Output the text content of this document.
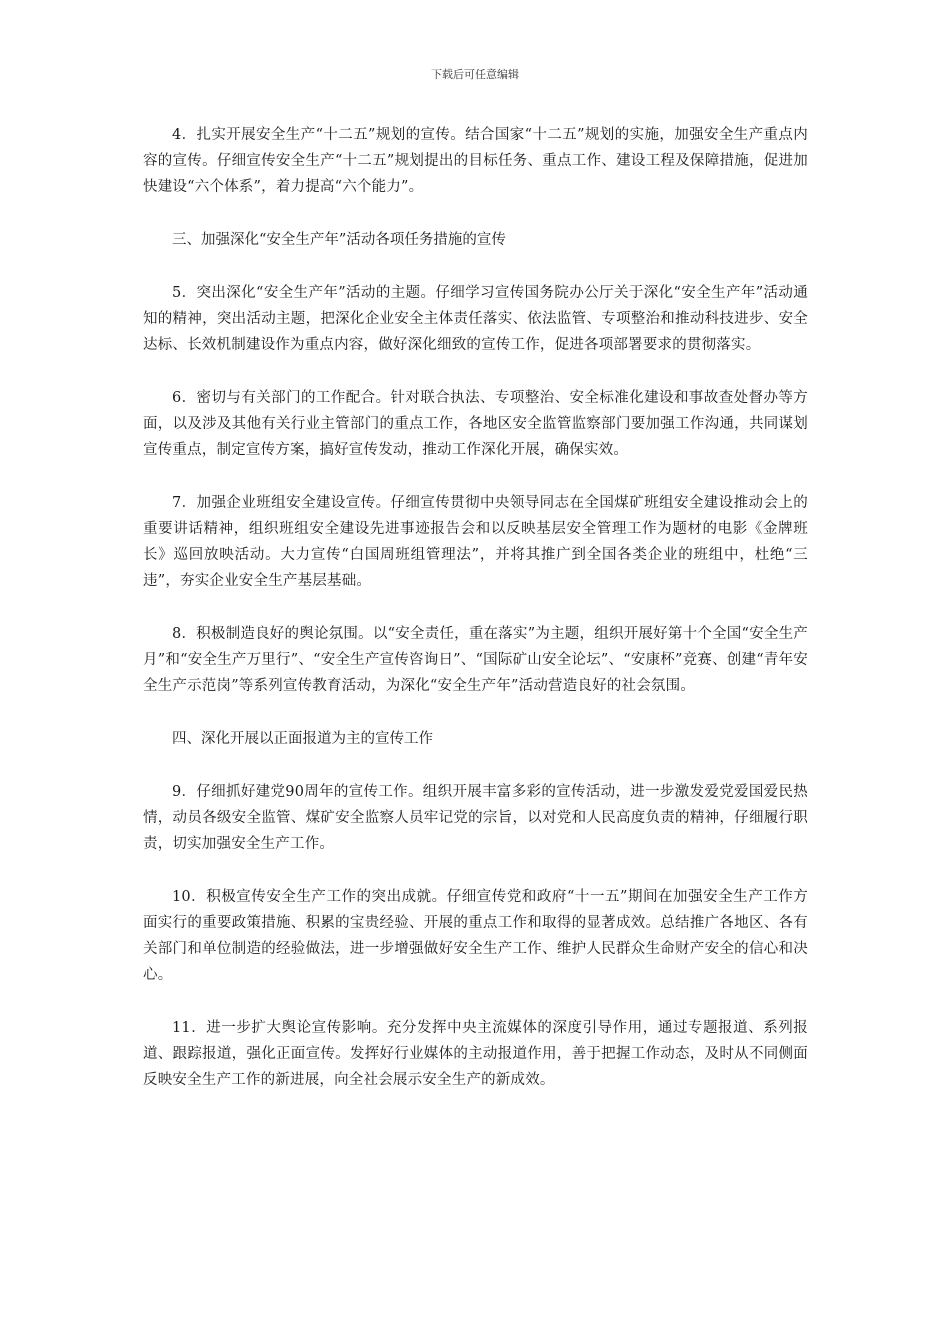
下载后可任意编辑

4．扎实开展安全生产“十二五”规划的宣传。结合国家“十二五”规划的实施，加强安全生产重点内容的宣传。仔细宣传安全生产“十二五”规划提出的目标任务、重点工作、建设工程及保障措施，促进加快建设“六个体系”，着力提高“六个能力”。

三、加强深化“安全生产年”活动各项任务措施的宣传

5．突出深化“安全生产年”活动的主题。仔细学习宣传国务院办公厅关于深化“安全生产年”活动通知的精神，突出活动主题，把深化企业安全主体责任落实、依法监管、专项整治和推动科技进步、安全达标、长效机制建设作为重点内容，做好深化细致的宣传工作，促进各项部署要求的贯彻落实。

6．密切与有关部门的工作配合。针对联合执法、专项整治、安全标准化建设和事故查处督办等方面，以及涉及其他有关行业主管部门的重点工作，各地区安全监管监察部门要加强工作沟通，共同谋划宣传重点，制定宣传方案，搞好宣传发动，推动工作深化开展，确保实效。

7．加强企业班组安全建设宣传。仔细宣传贯彻中央领导同志在全国煤矿班组安全建设推动会上的重要讲话精神，组织班组安全建设先进事迹报告会和以反映基层安全管理工作为题材的电影《金牌班长》巡回放映活动。大力宣传“白国周班组管理法”，并将其推广到全国各类企业的班组中，杜绝“三违”，夯实企业安全生产基层基础。

8．积极制造良好的舆论氛围。以“安全责任，重在落实”为主题，组织开展好第十个全国“安全生产月”和“安全生产万里行”、“安全生产宣传咨询日”、“国际矿山安全论坛”、“安康杯”竞赛、创建“青年安全生产示范岗”等系列宣传教育活动，为深化“安全生产年”活动营造良好的社会氛围。

四、深化开展以正面报道为主的宣传工作

9．仔细抓好建党90周年的宣传工作。组织开展丰富多彩的宣传活动，进一步激发爱党爱国爱民热情，动员各级安全监管、煤矿安全监察人员牢记党的宗旨，以对党和人民高度负责的精神，仔细履行职责，切实加强安全生产工作。

10．积极宣传安全生产工作的突出成就。仔细宣传党和政府“十一五”期间在加强安全生产工作方面实行的重要政策措施、积累的宝贵经验、开展的重点工作和取得的显著成效。总结推广各地区、各有关部门和单位制造的经验做法，进一步增强做好安全生产工作、维护人民群众生命财产安全的信心和决心。

11．进一步扩大舆论宣传影响。充分发挥中央主流媒体的深度引导作用，通过专题报道、系列报道、跟踪报道，强化正面宣传。发挥好行业媒体的主动报道作用，善于把握工作动态，及时从不同侧面反映安全生产工作的新进展，向全社会展示安全生产的新成效。
